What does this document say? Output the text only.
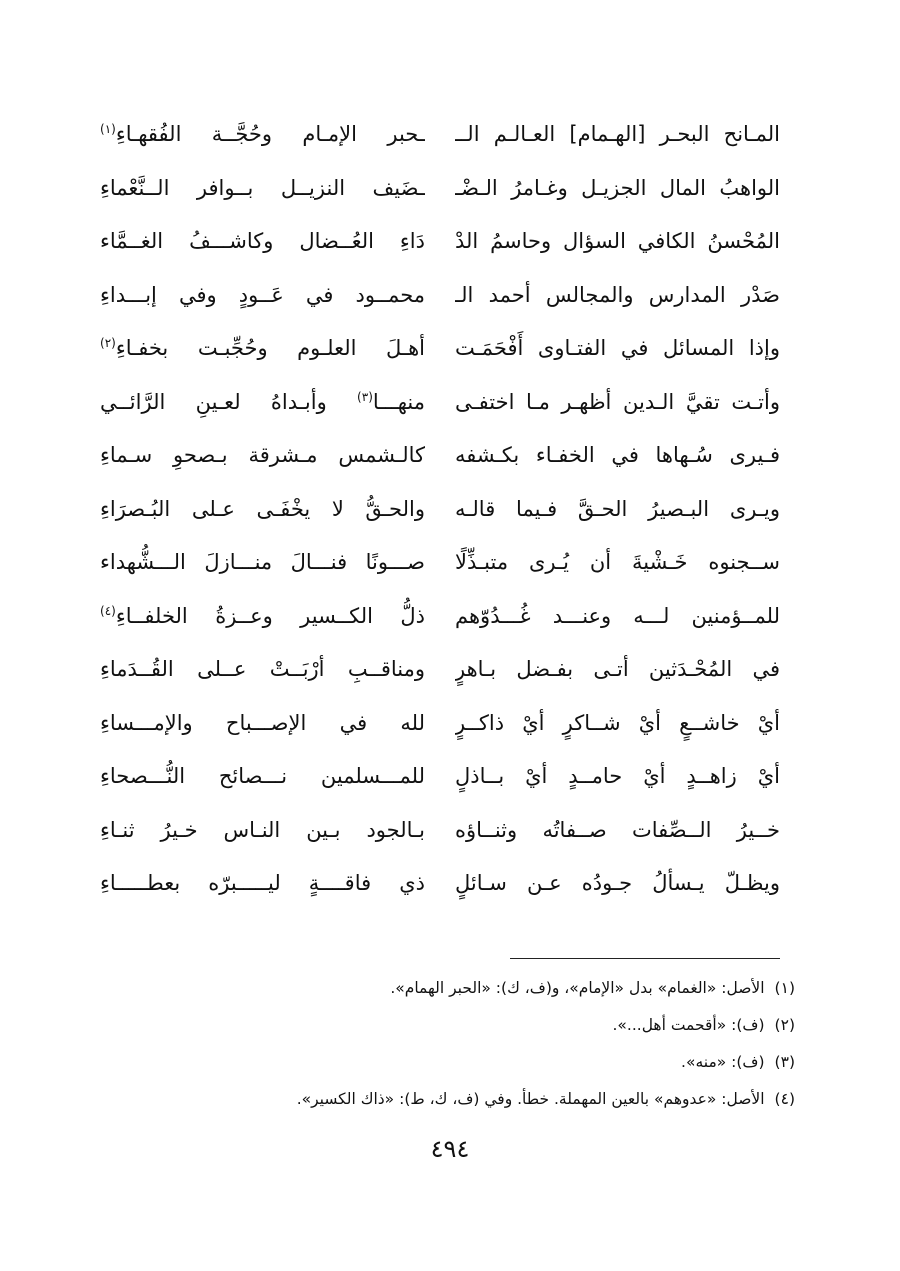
المـانح البحـر [الهـمام] العـالـم الــ
ـحبر الإمـام وحُجَّــة الفُقهـاءِ$^{(١)}$
الواهبُ المال الجزيـل وغـامرُ الـضْـ
ـضَيف النزيــل بــوافر الــنَّعْماءِ
المُحْسنُ الكافي السؤال وحاسمُ الدْ
دَاءِ العُــضال وكاشـــفُ الغــمَّاء
صَدْر المدارس والمجالس أحمد الـ
محمــود في عَــودٍ وفي إبـــداءِ
وإذا المسائل في الفتـاوى أَفْحَمَـت
أهـلَ العلـوم وحُجِّبـت بخفـاءِ$^{(٢)}$
وأتـت تقيَّ الـدين أظهـر مـا اختفـى
منهـــا$^{(٣)}$ وأبـداهُ لعـينِ الرَّائــي
فـيرى سُـهاها في الخفـاء بكـشفه
كالـشمس مـشرقة بـصحوِ سـماءِ
ويـرى البـصيرُ الحـقَّ فـيما قالـه
والحـقُّ لا يخْفَـى عـلى البُـصرَاءِ
ســجنوه خَـشْيةَ أن يُـرى متبـذِّلًا
صـــونًا فنـــالَ منـــازلَ الـــشُّهداء
للمــؤمنين لـــه وعنـــد غُـــدُوّهم
ذلُّ الكــسير وعــزةُ الخلفــاءِ$^{(٤)}$
في المُحْـدَثين أتـى بفـضل بـاهرٍ
ومناقــبِ أرْبَــتْ عــلى القُــدَماءِ
أيْ خاشــعٍ أيْ شــاكرٍ أيْ ذاكــرٍ
لله في الإصـــباح والإمـــساءِ
أيْ زاهــدٍ أيْ حامــدٍ أيْ بــاذلٍ
للمـــسلمين نـــصائح النُّـــصحاءِ
خــيرُ الــصِّفات صــفاتُه وثنــاؤه
بـالجود بـين النـاس خـيرُ ثنـاءِ
ويظـلّ يـسألُ جـودُه عـن سـائلٍ
ذي فاقــــةٍ ليـــــبرّه بعطـــــاءِ
(١)الأصل: «الغمام» بدل «الإمام»، و(ف، ك): «الحبر الهمام».
(٢)(ف): «أقحمت أهل...».
(٣)(ف): «منه».
(٤)الأصل: «عدوهم» بالعين المهملة. خطأ. وفي (ف، ك، ط): «ذاك الكسير».
٤٩٤
